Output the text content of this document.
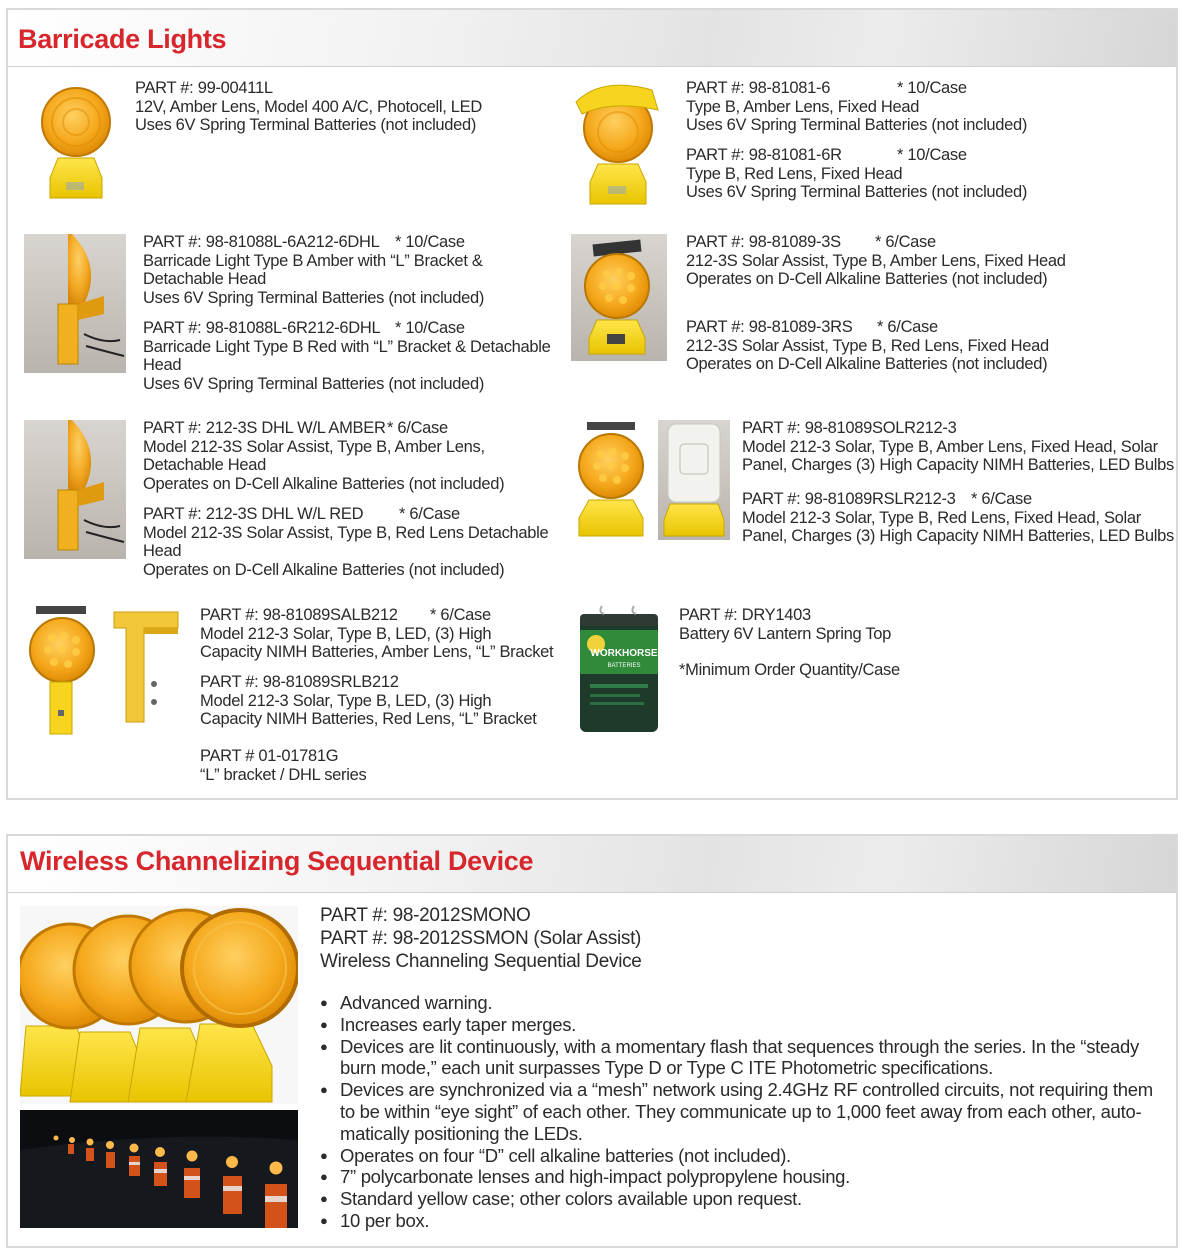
Barricade Lights
PART #: 99-00411L
12V, Amber Lens, Model 400 A/C, Photocell, LED
Uses 6V Spring Terminal Batteries (not included)
PART #: 98-81081-6	* 10/Case
Type B, Amber Lens, Fixed Head
Uses 6V Spring Terminal Batteries (not included)
PART #: 98-81081-6R	* 10/Case
Type B, Red Lens, Fixed Head
Uses 6V Spring Terminal Batteries (not included)
PART #: 98-81088L-6A212-6DHL * 10/Case
Barricade Light Type B Amber with “L” Bracket &
Detachable Head
Uses 6V Spring Terminal Batteries (not included)
PART #: 98-81088L-6R212-6DHL * 10/Case
Barricade Light Type B Red with “L” Bracket & Detachable
Head
Uses 6V Spring Terminal Batteries (not included)
PART #: 98-81089-3S * 6/Case
212-3S Solar Assist, Type B, Amber Lens, Fixed Head
Operates on D-Cell Alkaline Batteries (not included)
PART #: 98-81089-3RS * 6/Case
212-3S Solar Assist, Type B, Red Lens, Fixed Head
Operates on D-Cell Alkaline Batteries (not included)
PART #: 212-3S DHL W/L AMBER * 6/Case
Model 212-3S Solar Assist, Type B, Amber Lens,
Detachable Head
Operates on D-Cell Alkaline Batteries (not included)
PART #: 212-3S DHL W/L RED * 6/Case
Model 212-3S Solar Assist, Type B, Red Lens Detachable
Head
Operates on D-Cell Alkaline Batteries (not included)
PART #: 98-81089SOLR212-3
Model 212-3 Solar, Type B, Amber Lens, Fixed Head, Solar
Panel, Charges (3) High Capacity NIMH Batteries, LED Bulbs
PART #: 98-81089RSLR212-3 * 6/Case
Model 212-3 Solar, Type B, Red Lens, Fixed Head, Solar
Panel, Charges (3) High Capacity NIMH Batteries, LED Bulbs
PART #: 98-81089SALB212 * 6/Case
Model 212-3 Solar, Type B, LED, (3) High
Capacity NIMH Batteries, Amber Lens, “L” Bracket
PART #: 98-81089SRLB212
Model 212-3 Solar, Type B, LED, (3) High
Capacity NIMH Batteries, Red Lens, “L” Bracket
PART # 01-01781G
“L” bracket / DHL series
WORKHORSE
BATTERIES
PART #: DRY1403
Battery 6V Lantern Spring Top
*Minimum Order Quantity/Case
Wireless Channelizing Sequential Device
PART #: 98-2012SMONO
PART #: 98-2012SSMON (Solar Assist)
Wireless Channeling Sequential Device
● Advanced warning.
● Increases early taper merges.
● Devices are lit continuously, with a momentary flash that sequences through the series. In the “steady
burn mode,” each unit surpasses Type D or Type C ITE Photometric specifications.
● Devices are synchronized via a “mesh” network using 2.4GHz RF controlled circuits, not requiring them
to be within “eye sight” of each other. They communicate up to 1,000 feet away from each other, auto-
matically positioning the LEDs.
● Operates on four “D” cell alkaline batteries (not included).
● 7” polycarbonate lenses and high-impact polypropylene housing.
● Standard yellow case; other colors available upon request.
● 10 per box.
